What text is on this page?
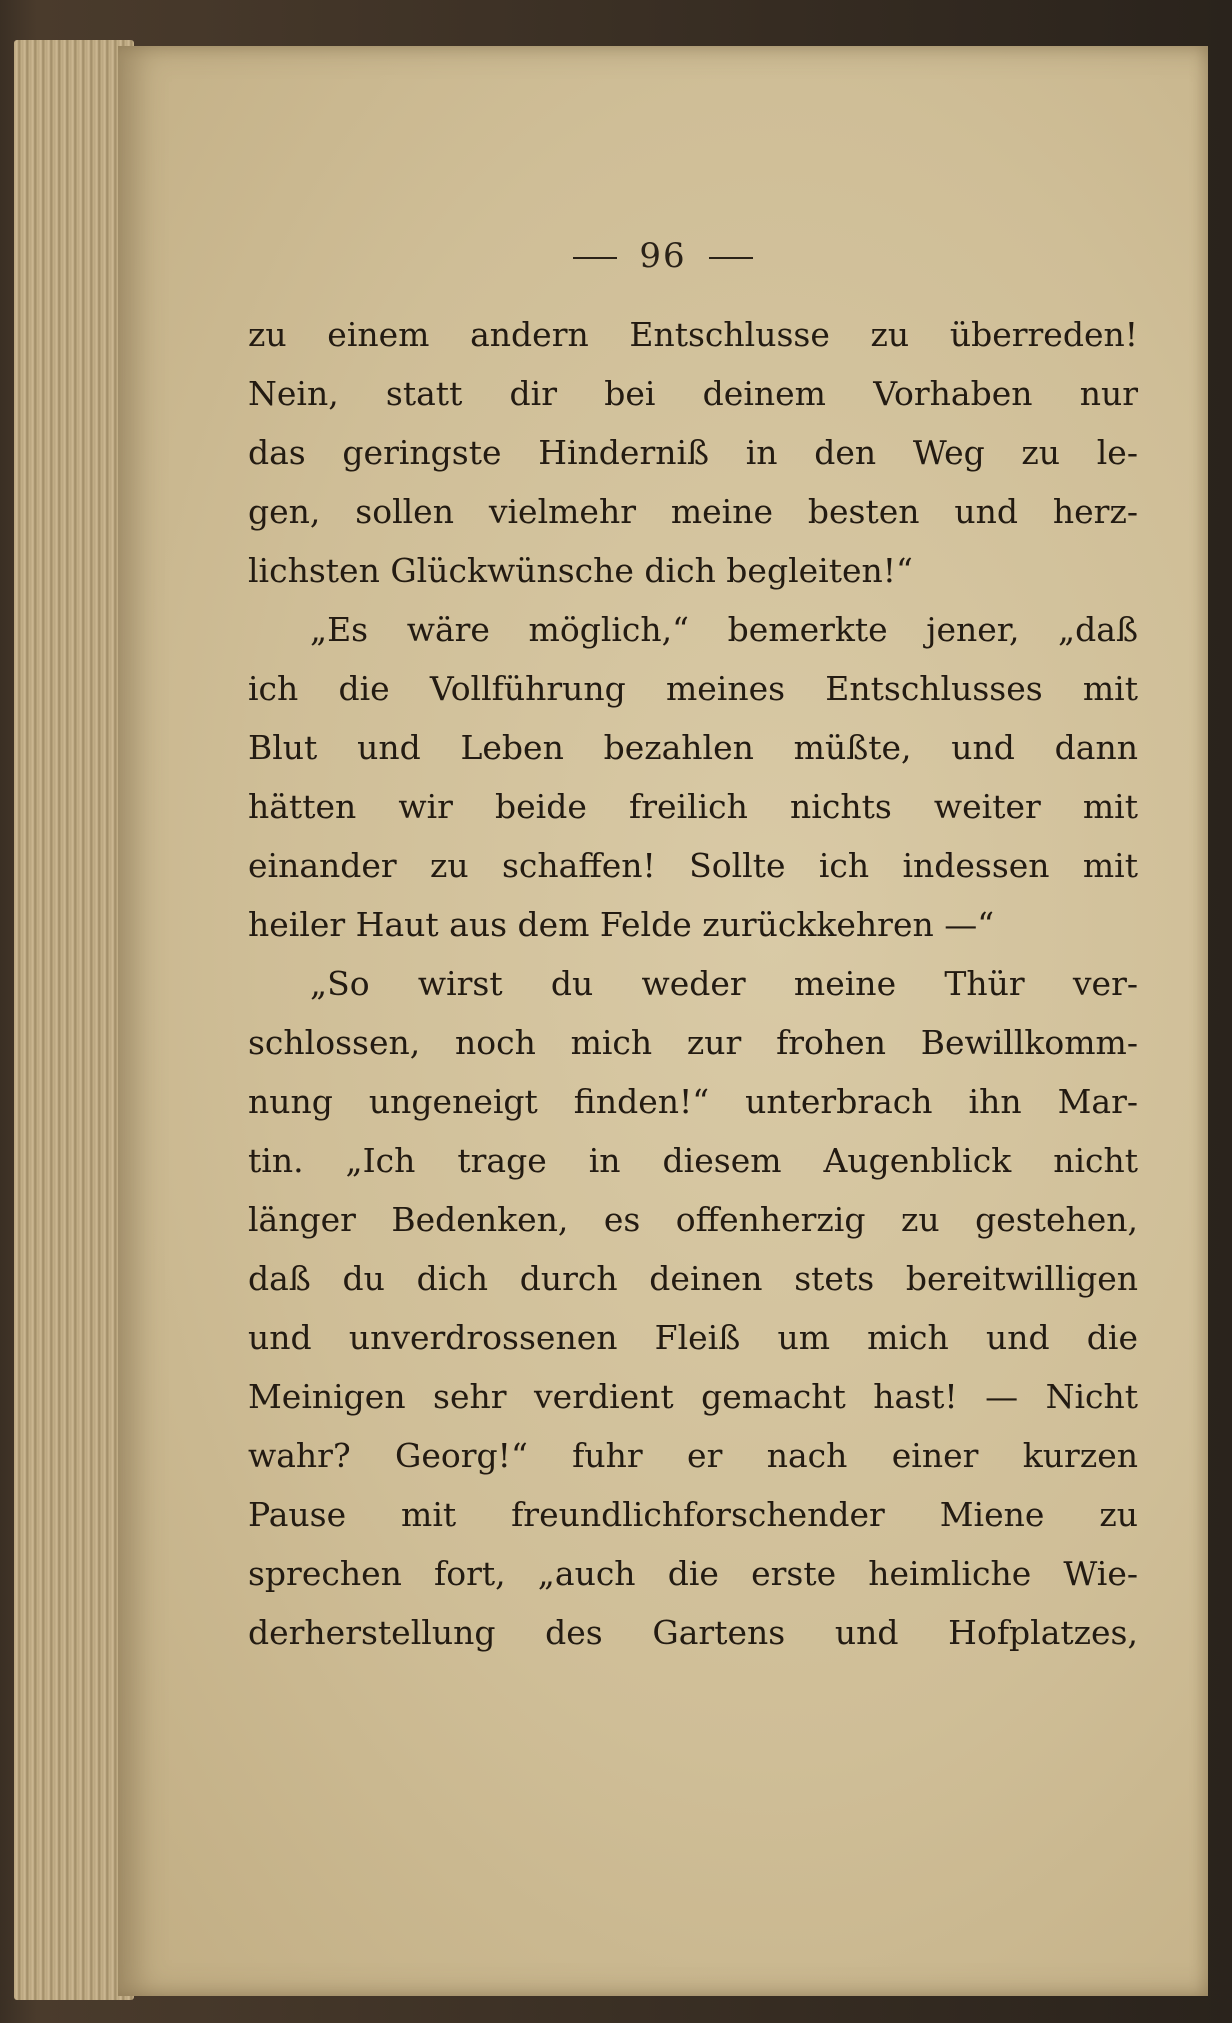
96
zu einem andern Entschlusse zu überreden!
Nein, statt dir bei deinem Vorhaben nur
das geringste Hinderniß in den Weg zu le-
gen, sollen vielmehr meine besten und herz-
lichsten Glückwünsche dich begleiten!“
„Es wäre möglich,“ bemerkte jener, „daß
ich die Vollführung meines Entschlusses mit
Blut und Leben bezahlen müßte, und dann
hätten wir beide freilich nichts weiter mit
einander zu schaffen! Sollte ich indessen mit
heiler Haut aus dem Felde zurückkehren —“
„So wirst du weder meine Thür ver-
schlossen, noch mich zur frohen Bewillkomm-
nung ungeneigt finden!“ unterbrach ihn Mar-
tin. „Ich trage in diesem Augenblick nicht
länger Bedenken, es offenherzig zu gestehen,
daß du dich durch deinen stets bereitwilligen
und unverdrossenen Fleiß um mich und die
Meinigen sehr verdient gemacht hast! — Nicht
wahr? Georg!“ fuhr er nach einer kurzen
Pause mit freundlichforschender Miene zu
sprechen fort, „auch die erste heimliche Wie-
derherstellung des Gartens und Hofplatzes,
